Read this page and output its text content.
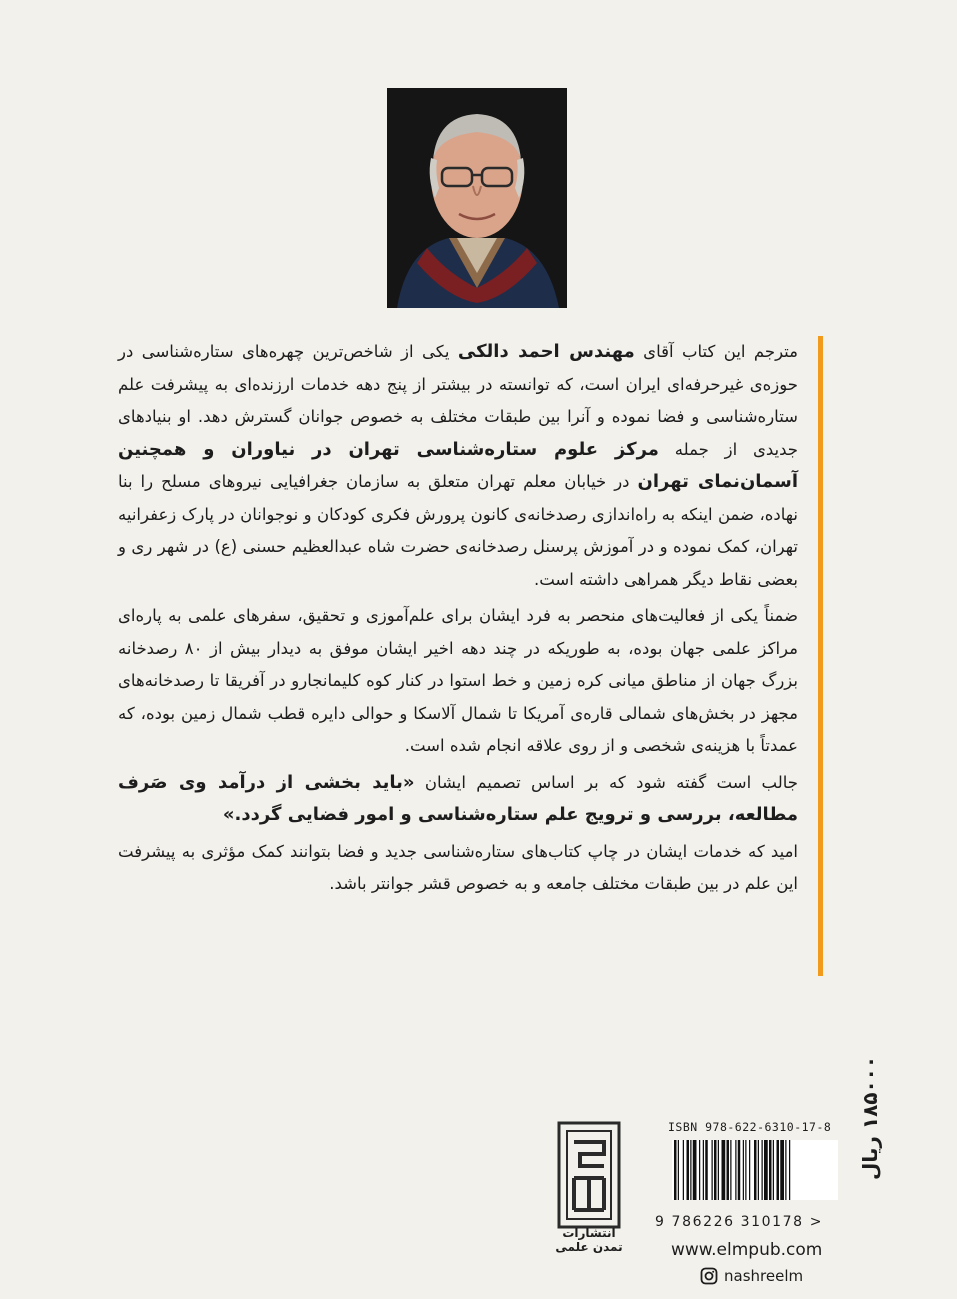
مترجم این کتاب آقای مهندس احمد دالکی یکی از شاخص‌ترین چهره‌های ستاره‌شناسی در حوزه‌ی غیرحرفه‌ای ایران است، که توانسته در بیشتر از پنج دهه خدمات ارزنده‌ای به پیشرفت علم ستاره‌شناسی و فضا نموده و آنرا بین طبقات مختلف به خصوص جوانان گسترش دهد. او بنیادهای جدیدی از جمله مرکز علوم ستاره‌شناسی تهران در نیاوران و همچنین آسمان‌نمای تهران در خیابان معلم تهران متعلق به سازمان جغرافیایی نیروهای مسلح را بنا نهاده، ضمن اینکه به راه‌اندازی رصدخانه‌ی کانون پرورش فکری کودکان و نوجوانان در پارک زعفرانیه تهران، کمک نموده و در آموزش پرسنل رصدخانه‌ی حضرت شاه عبدالعظیم حسنی (ع) در شهر ری و بعضی نقاط دیگر همراهی داشته است.

ضمناً یکی از فعالیت‌های منحصر به فرد ایشان برای علم‌آموزی و تحقیق، سفرهای علمی به پاره‌ای مراکز علمی جهان بوده، به طوریکه در چند دهه اخیر ایشان موفق به دیدار بیش از ۸۰ رصدخانه بزرگ جهان از مناطق میانی کره زمین و خط استوا در کنار کوه کلیمانجارو در آفریقا تا رصدخانه‌های مجهز در بخش‌های شمالی قاره‌ی آمریکا تا شمال آلاسکا و حوالی دایره قطب شمال زمین بوده، که عمدتاً با هزینه‌ی شخصی و از روی علاقه انجام شده است.

جالب است گفته شود که بر اساس تصمیم ایشان «باید بخشی از درآمد وی صَرف مطالعه، بررسی و ترویج علم ستاره‌شناسی و امور فضایی گردد.»

امید که خدمات ایشان در چاپ کتاب‌های ستاره‌شناسی جدید و فضا بتوانند کمک مؤثری به پیشرفت این علم در بین طبقات مختلف جامعه و به خصوص قشر جوانتر باشد.

انتشارات
تمدن علمی
ISBN 978-622-6310-17-8
9 786226 310178 >
۱۸۵۰۰۰ ریال
www.elmpub.com
nashreelm
